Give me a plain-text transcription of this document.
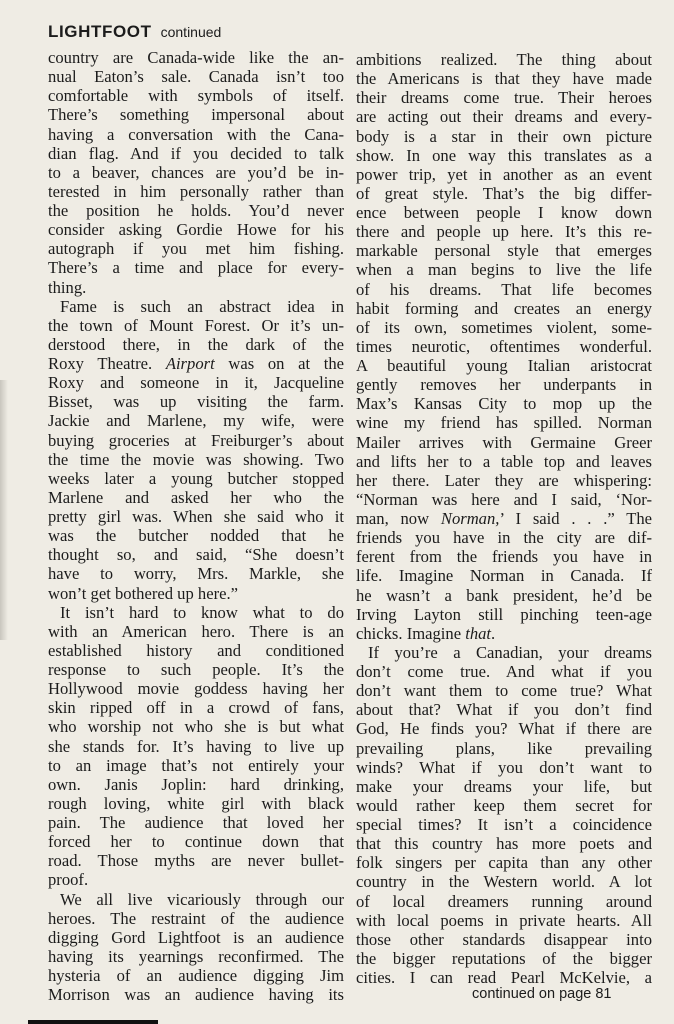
LIGHTFOOT continued

country are Canada-wide like the an-

nual Eaton’s sale. Canada isn’t too

comfortable with symbols of itself.

There’s something impersonal about

having a conversation with the Cana-

dian flag. And if you decided to talk

to a beaver, chances are you’d be in-

terested in him personally rather than

the position he holds. You’d never

consider asking Gordie Howe for his

autograph if you met him fishing.

There’s a time and place for every-

thing.

Fame is such an abstract idea in

the town of Mount Forest. Or it’s un-

derstood there, in the dark of the

Roxy Theatre. Airport was on at the

Roxy and someone in it, Jacqueline

Bisset, was up visiting the farm.

Jackie and Marlene, my wife, were

buying groceries at Freiburger’s about

the time the movie was showing. Two

weeks later a young butcher stopped

Marlene and asked her who the

pretty girl was. When she said who it

was the butcher nodded that he

thought so, and said, “She doesn’t

have to worry, Mrs. Markle, she

won’t get bothered up here.”

It isn’t hard to know what to do

with an American hero. There is an

established history and conditioned

response to such people. It’s the

Hollywood movie goddess having her

skin ripped off in a crowd of fans,

who worship not who she is but what

she stands for. It’s having to live up

to an image that’s not entirely your

own. Janis Joplin: hard drinking,

rough loving, white girl with black

pain. The audience that loved her

forced her to continue down that

road. Those myths are never bullet-

proof.

We all live vicariously through our

heroes. The restraint of the audience

digging Gord Lightfoot is an audience

having its yearnings reconfirmed. The

hysteria of an audience digging Jim

Morrison was an audience having its

ambitions realized. The thing about

the Americans is that they have made

their dreams come true. Their heroes

are acting out their dreams and every-

body is a star in their own picture

show. In one way this translates as a

power trip, yet in another as an event

of great style. That’s the big differ-

ence between people I know down

there and people up here. It’s this re-

markable personal style that emerges

when a man begins to live the life

of his dreams. That life becomes

habit forming and creates an energy

of its own, sometimes violent, some-

times neurotic, oftentimes wonderful.

A beautiful young Italian aristocrat

gently removes her underpants in

Max’s Kansas City to mop up the

wine my friend has spilled. Norman

Mailer arrives with Germaine Greer

and lifts her to a table top and leaves

her there. Later they are whispering:

“Norman was here and I said, ‘Nor-

man, now Norman,’ I said . . .” The

friends you have in the city are dif-

ferent from the friends you have in

life. Imagine Norman in Canada. If

he wasn’t a bank president, he’d be

Irving Layton still pinching teen-age

chicks. Imagine that.

If you’re a Canadian, your dreams

don’t come true. And what if you

don’t want them to come true? What

about that? What if you don’t find

God, He finds you? What if there are

prevailing plans, like prevailing

winds? What if you don’t want to

make your dreams your life, but

would rather keep them secret for

special times? It isn’t a coincidence

that this country has more poets and

folk singers per capita than any other

country in the Western world. A lot

of local dreamers running around

with local poems in private hearts. All

those other standards disappear into

the bigger reputations of the bigger

cities. I can read Pearl McKelvie, a

continued on page 81
